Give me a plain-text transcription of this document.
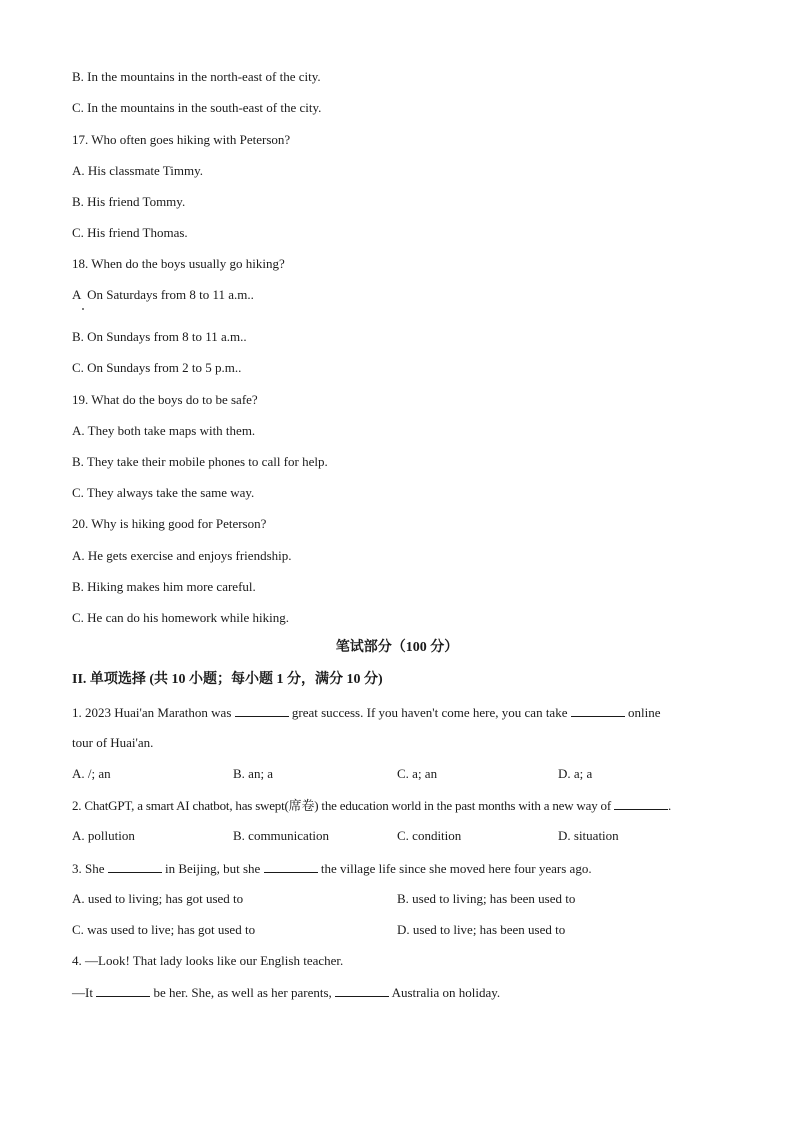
B. In the mountains in the north-east of the city.
C. In the mountains in the south-east of the city.
17. Who often goes hiking with Peterson?
A. His classmate Timmy.
B. His friend Tommy.
C. His friend Thomas.
18. When do the boys usually go hiking?
A  On Saturdays from 8 to 11 a.m..
B. On Sundays from 8 to 11 a.m..
C. On Sundays from 2 to 5 p.m..
19. What do the boys do to be safe?
A. They both take maps with them.
B. They take their mobile phones to call for help.
C. They always take the same way.
20. Why is hiking good for Peterson?
A. He gets exercise and enjoys friendship.
B. Hiking makes him more careful.
C. He can do his homework while hiking.
笔试部分（100 分）
II. 单项选择 (共 10 小题；每小题 1 分，满分 10 分)
1. 2023 Huai'an Marathon was	great success. If you haven't come here, you can take	online
tour of Huai'an.
A. /; an	B. an; a	C. a; an	D. a; a
2. ChatGPT, a smart AI chatbot, has swept(席卷) the education world in the past months with a new way of	.
A. pollution	B. communication	C. condition	D. situation
3. She	in Beijing, but she	the village life since she moved here four years ago.
A. used to living; has got used to	B. used to living; has been used to
C. was used to live; has got used to	D. used to live; has been used to
4. —Look! That lady looks like our English teacher.
—It	be her. She, as well as her parents,	Australia on holiday.
